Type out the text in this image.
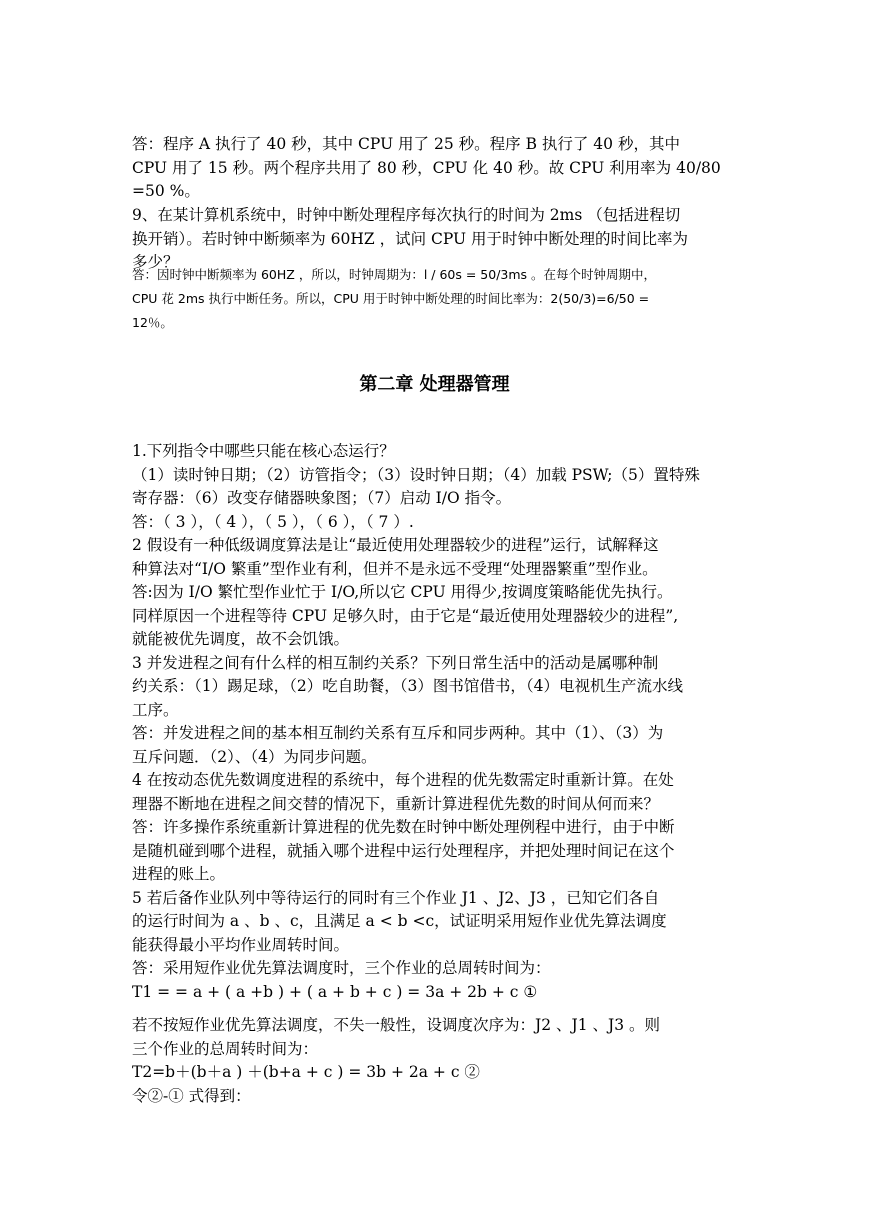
答：程序 A 执行了 40 秒，其中 CPU 用了 25 秒。程序 B 执行了 40 秒，其中
CPU 用了 15 秒。两个程序共用了 80 秒，CPU 化 40 秒。故 CPU 利用率为 40/80
=50 %。
9、在某计算机系统中，时钟中断处理程序每次执行的时间为 2ms （包括进程切
换开销）。若时钟中断频率为 60HZ ，试问 CPU 用于时钟中断处理的时间比率为
多少？
答：因时钟中断频率为 60HZ ，所以，时钟周期为：l / 60s = 50/3ms 。在每个时钟周期中，
CPU 花 2ms 执行中断任务。所以，CPU 用于时钟中断处理的时间比率为：2(50/3)=6/50 =
12％。
第二章 处理器管理
1.下列指令中哪些只能在核心态运行？
（1）读时钟日期；（2）访管指令；（3）设时钟日期；（4）加载 PSW;（5）置特殊
寄存器：（6）改变存储器映象图；（7）启动 I/O 指令。
答：（ 3 ），（ 4 ），（ 5 ），（ 6 ），（ 7 ）.
2 假设有一种低级调度算法是让“最近使用处理器较少的进程”运行，试解释这
种算法对“I/O 繁重”型作业有利，但并不是永远不受理“处理器繁重”型作业。
答:因为 I/O 繁忙型作业忙于 I/O,所以它 CPU 用得少,按调度策略能优先执行。
同样原因一个进程等待 CPU 足够久时，由于它是“最近使用处理器较少的进程”,
就能被优先调度，故不会饥饿。
3 并发进程之间有什么样的相互制约关系？下列日常生活中的活动是属哪种制
约关系：（1）踢足球，（2）吃自助餐，（3）图书馆借书，（4）电视机生产流水线
工序。
答：并发进程之间的基本相互制约关系有互斥和同步两种。其中（1）、（3）为
互斥问题．（2）、（4）为同步问题。
4 在按动态优先数调度进程的系统中，每个进程的优先数需定时重新计算。在处
理器不断地在进程之间交替的情况下，重新计算进程优先数的时间从何而来？
答：许多操作系统重新计算进程的优先数在时钟中断处理例程中进行，由于中断
是随机碰到哪个进程，就插入哪个进程中运行处理程序，并把处理时间记在这个
进程的账上。
5 若后备作业队列中等待运行的同时有三个作业 J1 、J2、J3 ，已知它们各自
的运行时间为 a 、b 、c，且满足 a < b <c，试证明采用短作业优先算法调度
能获得最小平均作业周转时间。
答：采用短作业优先算法调度时，三个作业的总周转时间为：
T1 = = a + ( a +b ) + ( a + b + c ) = 3a + 2b + c ①
若不按短作业优先算法调度，不失一般性，设调度次序为：J2 、J1 、J3 。则
三个作业的总周转时间为：
T2=b＋(b＋a ) ＋(b+a + c ) = 3b + 2a + c ②
令②-① 式得到：
